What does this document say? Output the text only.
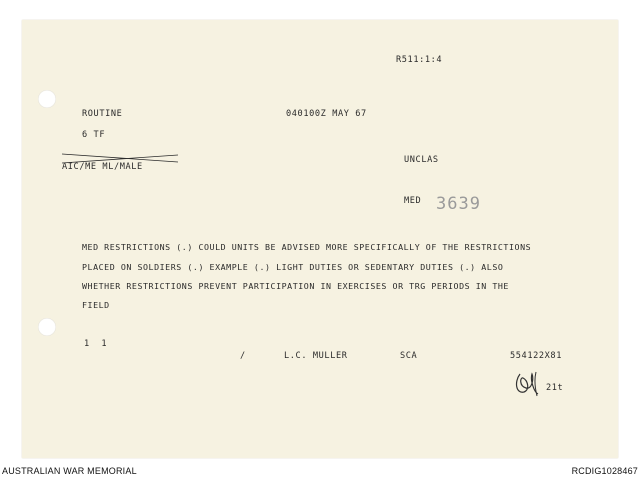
R511:1:4
ROUTINE	040100Z MAY 67
6 TF
AIC/ME ML/MALE
UNCLAS
MED 3639
MED RESTRICTIONS (.) COULD UNITS BE ADVISED MORE SPECIFICALLY OF THE RESTRICTIONS
PLACED ON SOLDIERS (.) EXAMPLE (.) LIGHT DUTIES OR SEDENTARY DUTIES (.) ALSO
WHETHER RESTRICTIONS PREVENT PARTICIPATION IN EXERCISES OR TRG PERIODS IN THE
FIELD
1  1
/	L.C. MULLER	SCA	554122X81
21t
AUSTRALIAN WAR MEMORIAL	RCDIG1028467
